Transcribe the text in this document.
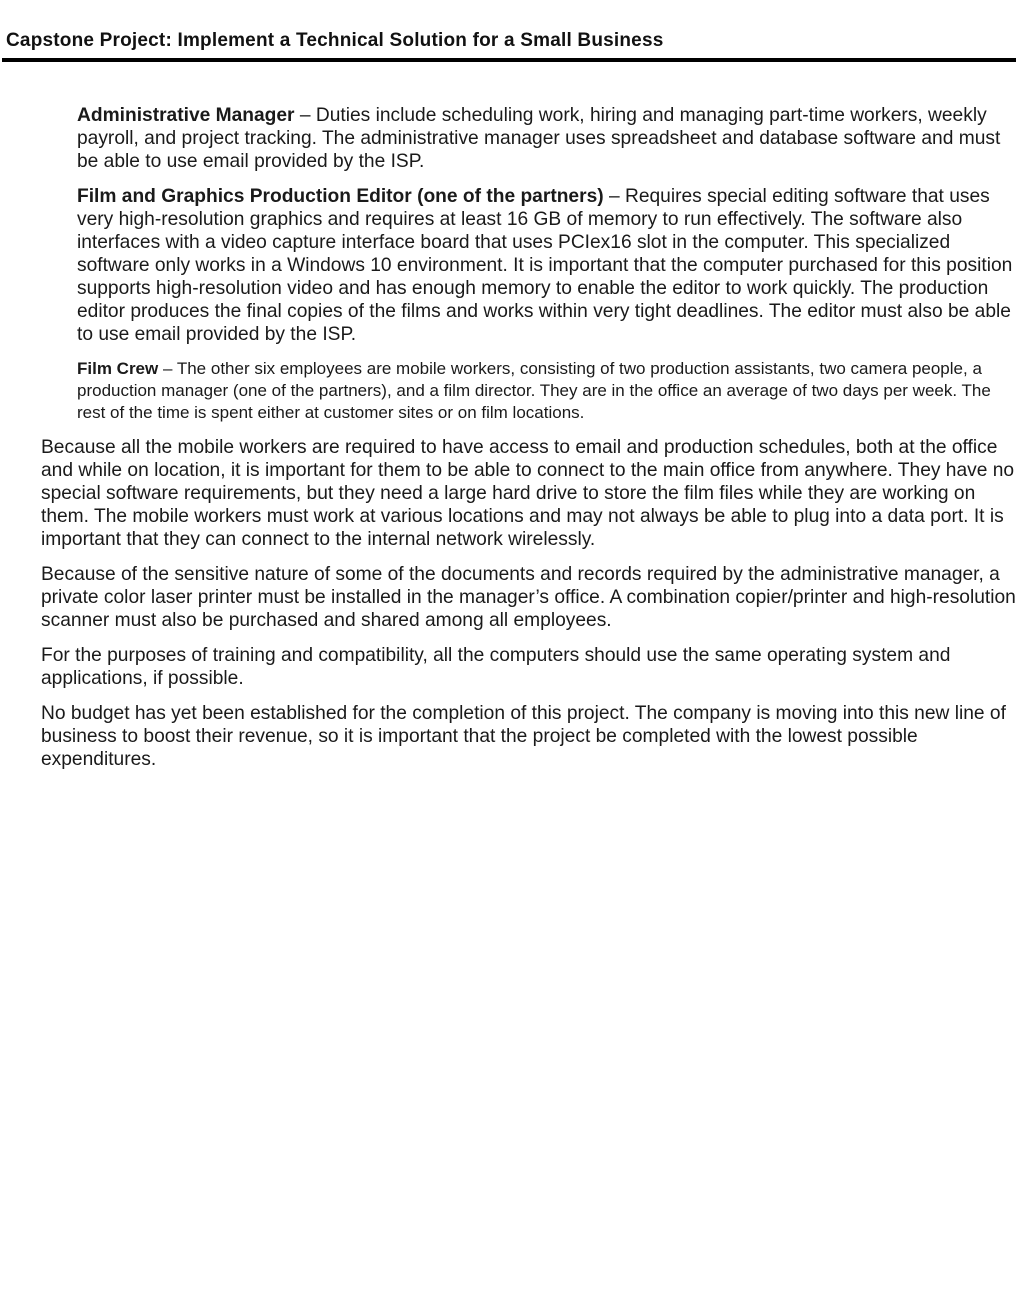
Capstone Project: Implement a Technical Solution for a Small Business

Administrative Manager – Duties include scheduling work, hiring and managing part-time workers, weekly payroll, and project tracking. The administrative manager uses spreadsheet and database software and must be able to use email provided by the ISP.

Film and Graphics Production Editor (one of the partners) – Requires special editing software that uses very high-resolution graphics and requires at least 16 GB of memory to run effectively. The software also interfaces with a video capture interface board that uses PCIex16 slot in the computer. This specialized software only works in a Windows 10 environment. It is important that the computer purchased for this position supports high-resolution video and has enough memory to enable the editor to work quickly. The production editor produces the final copies of the films and works within very tight deadlines. The editor must also be able to use email provided by the ISP.

Film Crew – The other six employees are mobile workers, consisting of two production assistants, two camera people, a production manager (one of the partners), and a film director. They are in the office an average of two days per week. The rest of the time is spent either at customer sites or on film locations.

Because all the mobile workers are required to have access to email and production schedules, both at the office and while on location, it is important for them to be able to connect to the main office from anywhere. They have no special software requirements, but they need a large hard drive to store the film files while they are working on them. The mobile workers must work at various locations and may not always be able to plug into a data port. It is important that they can connect to the internal network wirelessly.

Because of the sensitive nature of some of the documents and records required by the administrative manager, a private color laser printer must be installed in the manager’s office. A combination copier/printer and high-resolution scanner must also be purchased and shared among all employees.

For the purposes of training and compatibility, all the computers should use the same operating system and applications, if possible.

No budget has yet been established for the completion of this project. The company is moving into this new line of business to boost their revenue, so it is important that the project be completed with the lowest possible expenditures.
